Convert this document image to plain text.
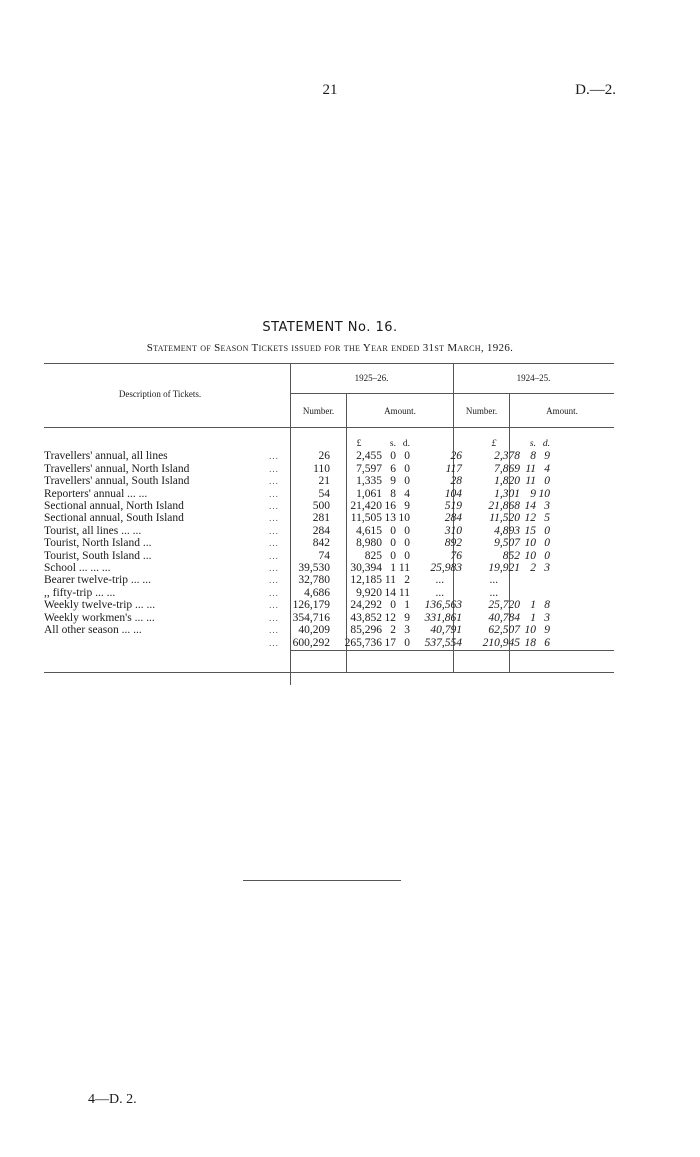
21	D.—2.
STATEMENT No. 16.
Statement of Season Tickets issued for the Year ended 31st March, 1926.
Description of Tickets.
1925–26.	1924–25.
Number.	Amount.	Number.	Amount.
			£	s.	d.			£	s.	d.
Travellers' annual, all lines	...	26	2,455	0	0		26	2,378	8	9
Travellers' annual, North Island	...	110	7,597	6	0		117	7,869	11	4
Travellers' annual, South Island	...	21	1,335	9	0		28	1,820	11	0
Reporters' annual ... ...	...	54	1,061	8	4		104	1,301	9	10
Sectional annual, North Island	...	500	21,420	16	9		519	21,868	14	3
Sectional annual, South Island	...	281	11,505	13	10		284	11,520	12	5
Tourist, all lines ... ...	...	284	4,615	0	0		310	4,893	15	0
Tourist, North Island ...	...	842	8,980	0	0		892	9,507	10	0
Tourist, South Island ...	...	74	825	0	0		76	852	10	0
School ... ... ...	...	39,530	30,394	1	11		25,983	19,921	2	3
Bearer twelve-trip ... ...	...	32,780	12,185	11	2		...	...		
,, fifty-trip ... ...	...	4,686	9,920	14	11		...	...		
Weekly twelve-trip ... ...	...	126,179	24,292	0	1		136,563	25,720	1	8
Weekly workmen's ... ...	...	354,716	43,852	12	9		331,861	40,784	1	3
All other season ... ...	...	40,209	85,296	2	3		40,791	62,507	10	9
	...	600,292	265,736	17	0		537,554	210,945	18	6
4—D. 2.
